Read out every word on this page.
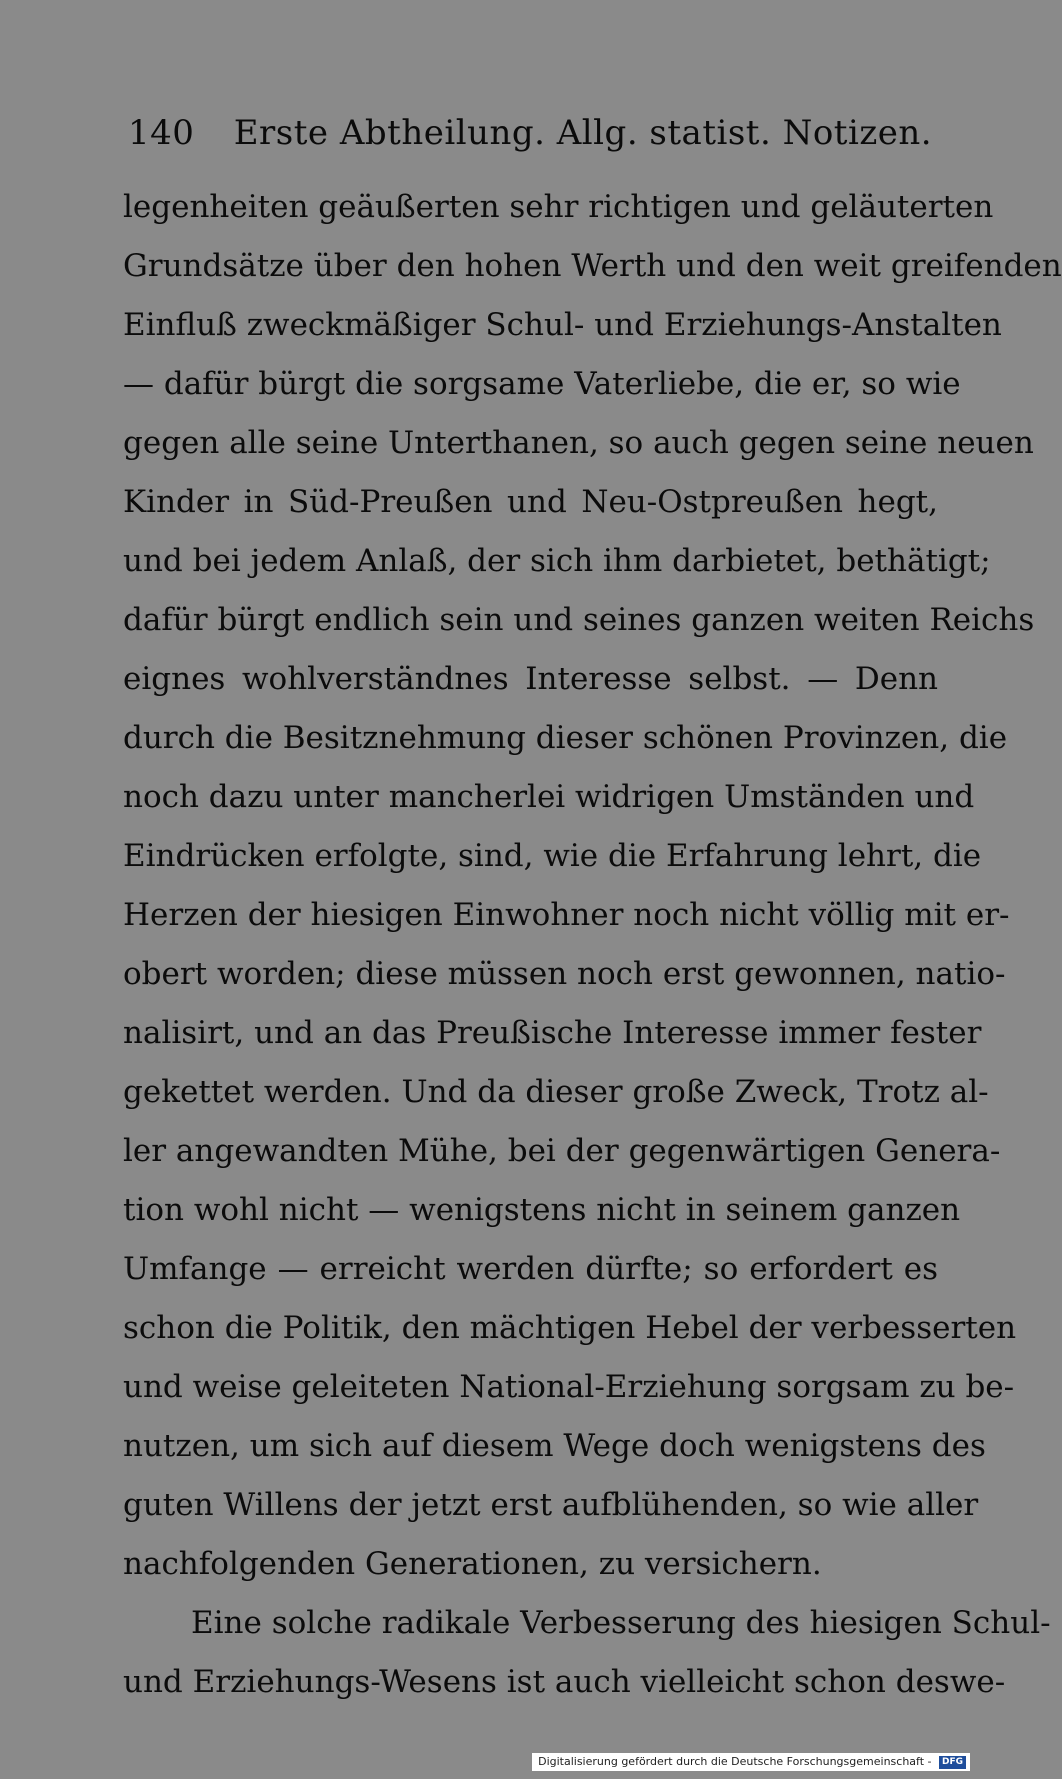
140 Erste Abtheilung. Allg. statist. Notizen.
legenheiten geäußerten sehr richtigen und geläuterten
Grundsätze über den hohen Werth und den weit greifenden
Einfluß zweckmäßiger Schul- und Erziehungs-Anstalten
— dafür bürgt die sorgsame Vaterliebe, die er, so wie
gegen alle seine Unterthanen, so auch gegen seine neuen
Kinder in Süd-Preußen und Neu-Ostpreußen hegt,
und bei jedem Anlaß, der sich ihm darbietet, bethätigt;
dafür bürgt endlich sein und seines ganzen weiten Reichs
eignes wohlverständnes Interesse selbst. — Denn
durch die Besitznehmung dieser schönen Provinzen, die
noch dazu unter mancherlei widrigen Umständen und
Eindrücken erfolgte, sind, wie die Erfahrung lehrt, die
Herzen der hiesigen Einwohner noch nicht völlig mit er-
obert worden; diese müssen noch erst gewonnen, natio-
nalisirt, und an das Preußische Interesse immer fester
gekettet werden. Und da dieser große Zweck, Trotz al-
ler angewandten Mühe, bei der gegenwärtigen Genera-
tion wohl nicht — wenigstens nicht in seinem ganzen
Umfange — erreicht werden dürfte; so erfordert es
schon die Politik, den mächtigen Hebel der verbesserten
und weise geleiteten National-Erziehung sorgsam zu be-
nutzen, um sich auf diesem Wege doch wenigstens des
guten Willens der jetzt erst aufblühenden, so wie aller
nachfolgenden Generationen, zu versichern.
Eine solche radikale Verbesserung des hiesigen Schul-
und Erziehungs-Wesens ist auch vielleicht schon deswe-
Digitalisierung gefördert durch die Deutsche Forschungsgemeinschaft - DFG
